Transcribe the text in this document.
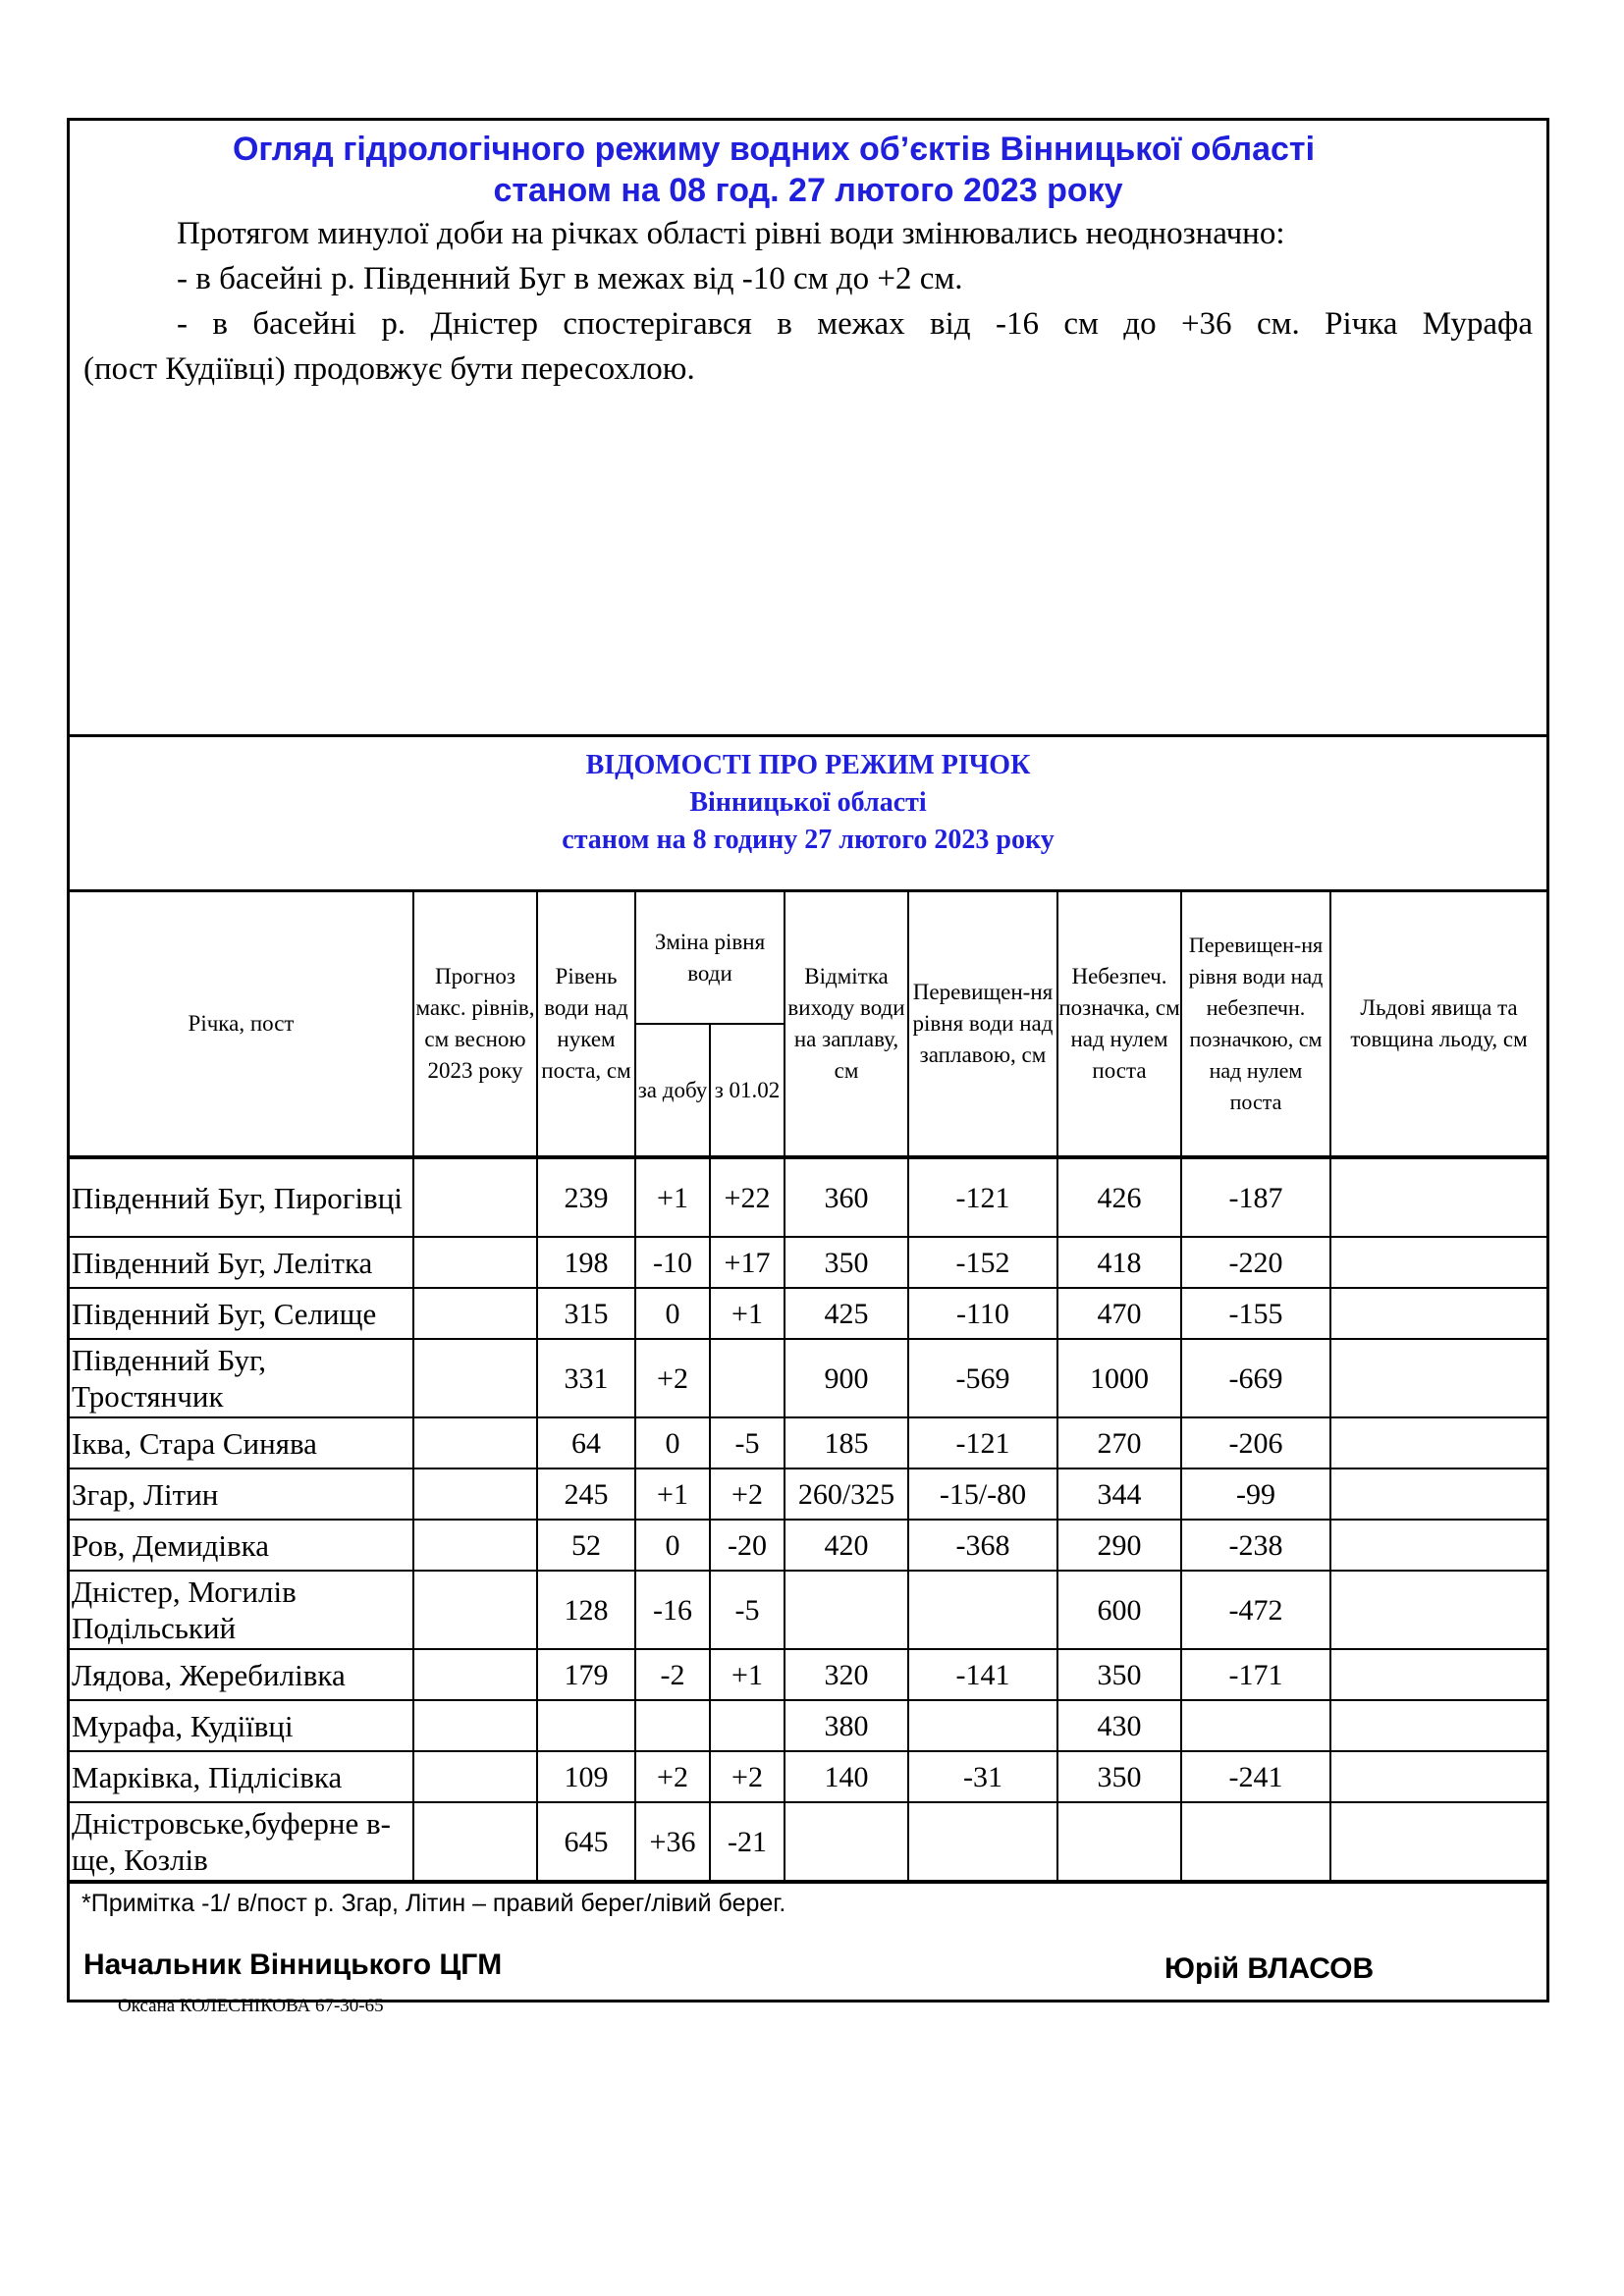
Огляд гідрологічного режиму водних об’єктів Вінницької області

станом на 08 год. 27 лютого 2023 року

Протягом минулої доби на річках області рівні води змінювались неоднозначно:

- в басейні р. Південний Буг в межах від -10 см до +2 см.

- в басейні р. Дністер спостерігався в межах від -16 см до +36 см. Річка Мурафа

(пост Кудіївці) продовжує бути пересохлою.

ВІДОМОСТІ ПРО РЕЖИМ РІЧОК

Вінницької області

станом на 8 годину 27 лютого 2023 року

Річка, пост	Прогноз макс. рівнів, см весною 2023 року	Рівень води над нукем поста, см	Зміна рівня води		Відмітка виходу води на заплаву, см	Перевищен-ня рівня води над заплавою, см	Небезпеч. позначка, см над нулем поста	Перевищен-ня рівня води над небезпечн. позначкою, см над нулем поста	Льдові явища та товщина льоду, см
			за добу	з 01.02					
Південний Буг, Пирогівці		239	+1	+22	360	-121	426	-187	
Південний Буг, Лелітка		198	-10	+17	350	-152	418	-220	
Південний Буг, Селище		315	0	+1	425	-110	470	-155	
Південний Буг, Тростянчик		331	+2		900	-569	1000	-669	
Іква, Стара Синява		64	0	-5	185	-121	270	-206	
Згар, Літин		245	+1	+2	260/325	-15/-80	344	-99	
Ров, Демидівка		52	0	-20	420	-368	290	-238	
Дністер, Могилів Подільський		128	-16	-5			600	-472	
Лядова, Жеребилівка		179	-2	+1	320	-141	350	-171	
Мурафа, Кудіївці					380		430		
Марківка, Підлісівка		109	+2	+2	140	-31	350	-241	
Дністровське,буферне в-ще, Козлів		645	+36	-21					
*Примітка -1/ в/пост р. Згар, Літин – правий берег/лівий берег.
Начальник Вінницького ЦГМ	Юрій ВЛАСОВ
Оксана КОЛЕСНІКОВА 67-30-65
